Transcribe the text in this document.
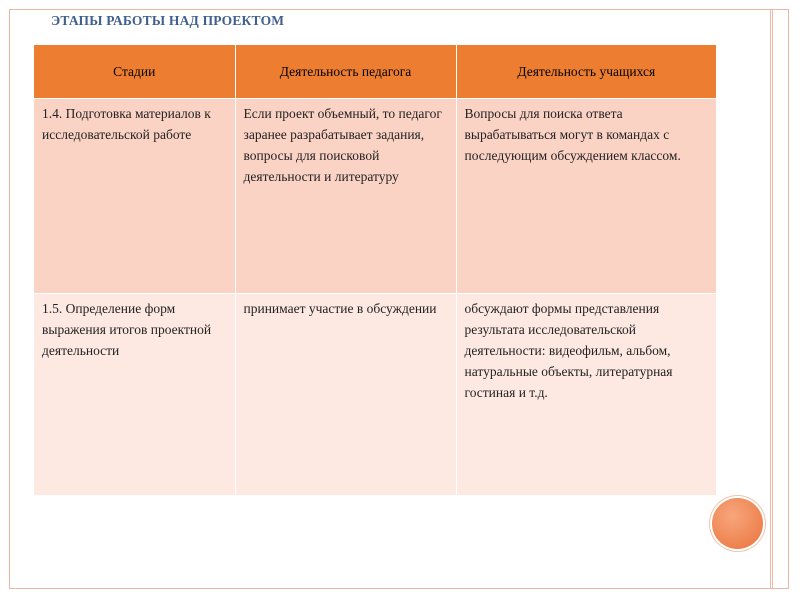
ЭТАПЫ РАБОТЫ НАД ПРОЕКТОМ
Стадии	Деятельность педагога	Деятельность учащихся
1.4. Подготовка материалов к исследовательской работе	Если проект объемный, то педагог заранее разрабатывает задания, вопросы для поисковой деятельности и литературу	Вопросы для поиска ответа вырабатываться могут в командах с последующим обсуждением классом.
1.5. Определение форм выражения итогов проектной деятельности	принимает участие в обсуждении	обсуждают формы представления результата исследовательской деятельности: видеофильм, альбом, натуральные объекты, литературная гостиная и т.д.
